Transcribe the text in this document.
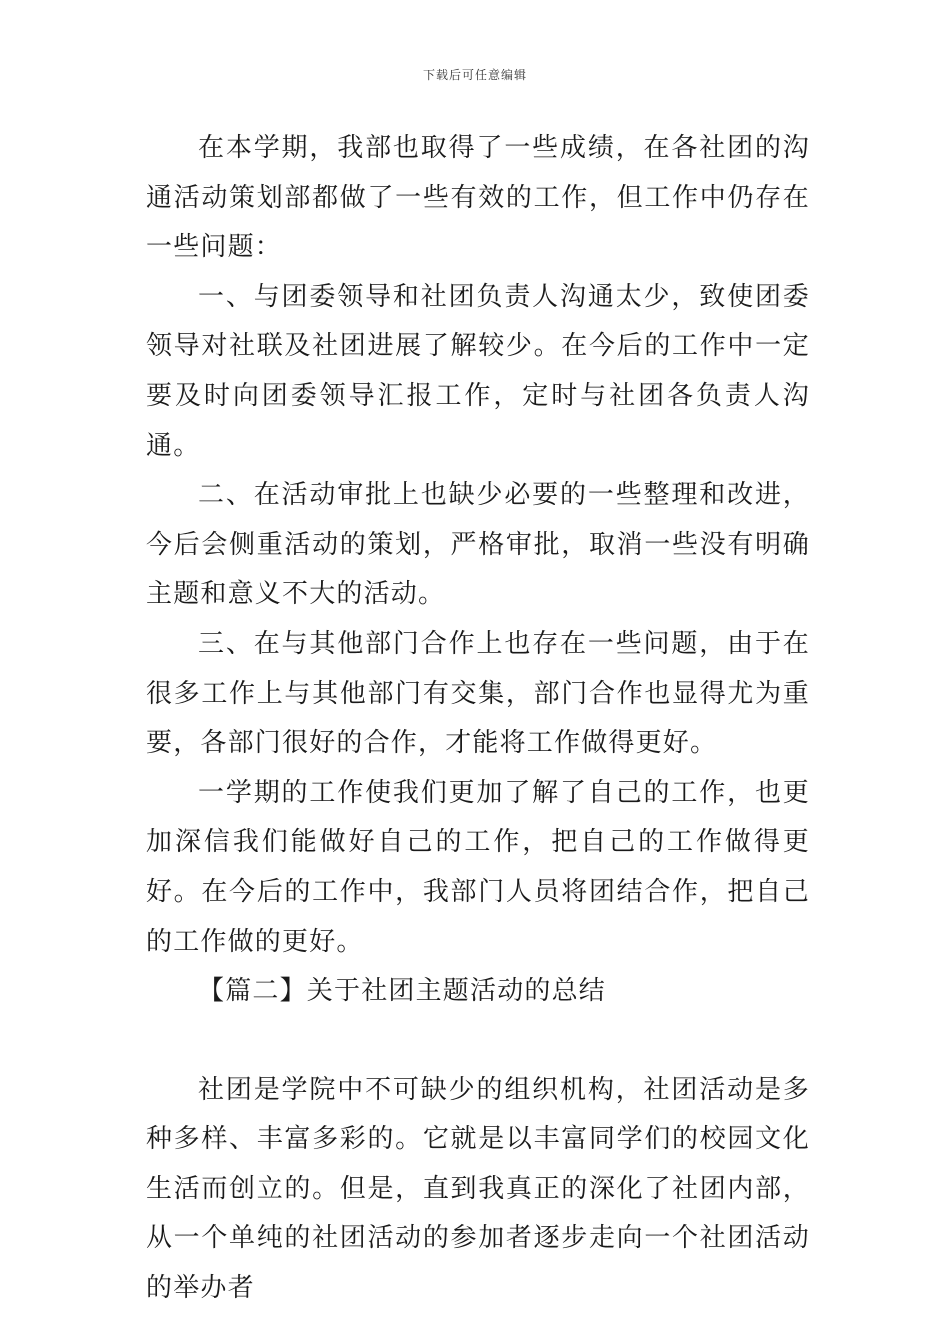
下载后可任意编辑

在本学期，我部也取得了一些成绩，在各社团的沟通活动策划部都做了一些有效的工作，但工作中仍存在一些问题：

一、与团委领导和社团负责人沟通太少，致使团委领导对社联及社团进展了解较少。在今后的工作中一定要及时向团委领导汇报工作，定时与社团各负责人沟通。

二、在活动审批上也缺少必要的一些整理和改进，今后会侧重活动的策划，严格审批，取消一些没有明确主题和意义不大的活动。

三、在与其他部门合作上也存在一些问题，由于在很多工作上与其他部门有交集，部门合作也显得尤为重要，各部门很好的合作，才能将工作做得更好。

一学期的工作使我们更加了解了自己的工作，也更加深信我们能做好自己的工作，把自己的工作做得更好。在今后的工作中，我部门人员将团结合作，把自己的工作做的更好。

【篇二】关于社团主题活动的总结

社团是学院中不可缺少的组织机构，社团活动是多种多样、丰富多彩的。它就是以丰富同学们的校园文化生活而创立的。但是，直到我真正的深化了社团内部，从一个单纯的社团活动的参加者逐步走向一个社团活动的举办者
